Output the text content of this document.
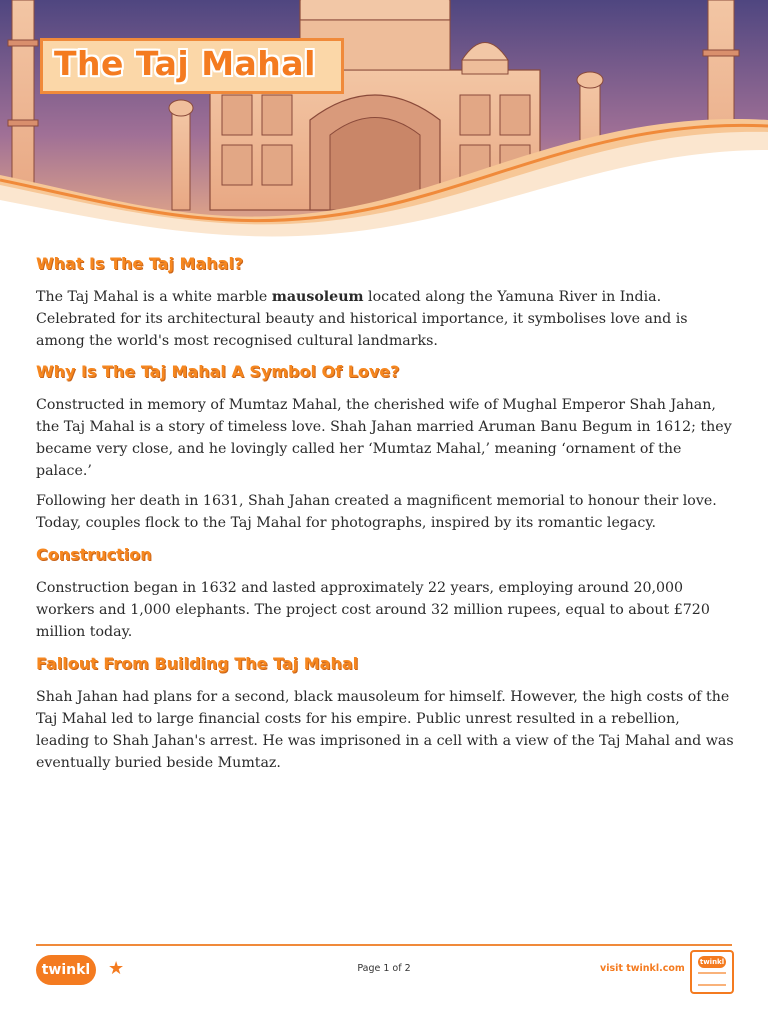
The Taj Mahal
What Is The Taj Mahal?

The Taj Mahal is a white marble mausoleum located along the Yamuna River in India. Celebrated for its architectural beauty and historical importance, it symbolises love and is among the world's most recognised cultural landmarks.

Why Is The Taj Mahal A Symbol Of Love?

Constructed in memory of Mumtaz Mahal, the cherished wife of Mughal Emperor Shah Jahan, the Taj Mahal is a story of timeless love. Shah Jahan married Aruman Banu Begum in 1612; they became very close, and he lovingly called her ‘Mumtaz Mahal,’ meaning ‘ornament of the palace.’

Following her death in 1631, Shah Jahan created a magnificent memorial to honour their love. Today, couples flock to the Taj Mahal for photographs, inspired by its romantic legacy.

Construction

Construction began in 1632 and lasted approximately 22 years, employing around 20,000 workers and 1,000 elephants. The project cost around 32 million rupees, equal to about £720 million today.

Fallout From Building The Taj Mahal

Shah Jahan had plans for a second, black mausoleum for himself. However, the high costs of the Taj Mahal led to large financial costs for his empire. Public unrest resulted in a rebellion, leading to Shah Jahan's arrest. He was imprisoned in a cell with a view of the Taj Mahal and was eventually buried beside Mumtaz.

twinkl ★	Page 1 of 2	visit twinkl.com
twinkl
